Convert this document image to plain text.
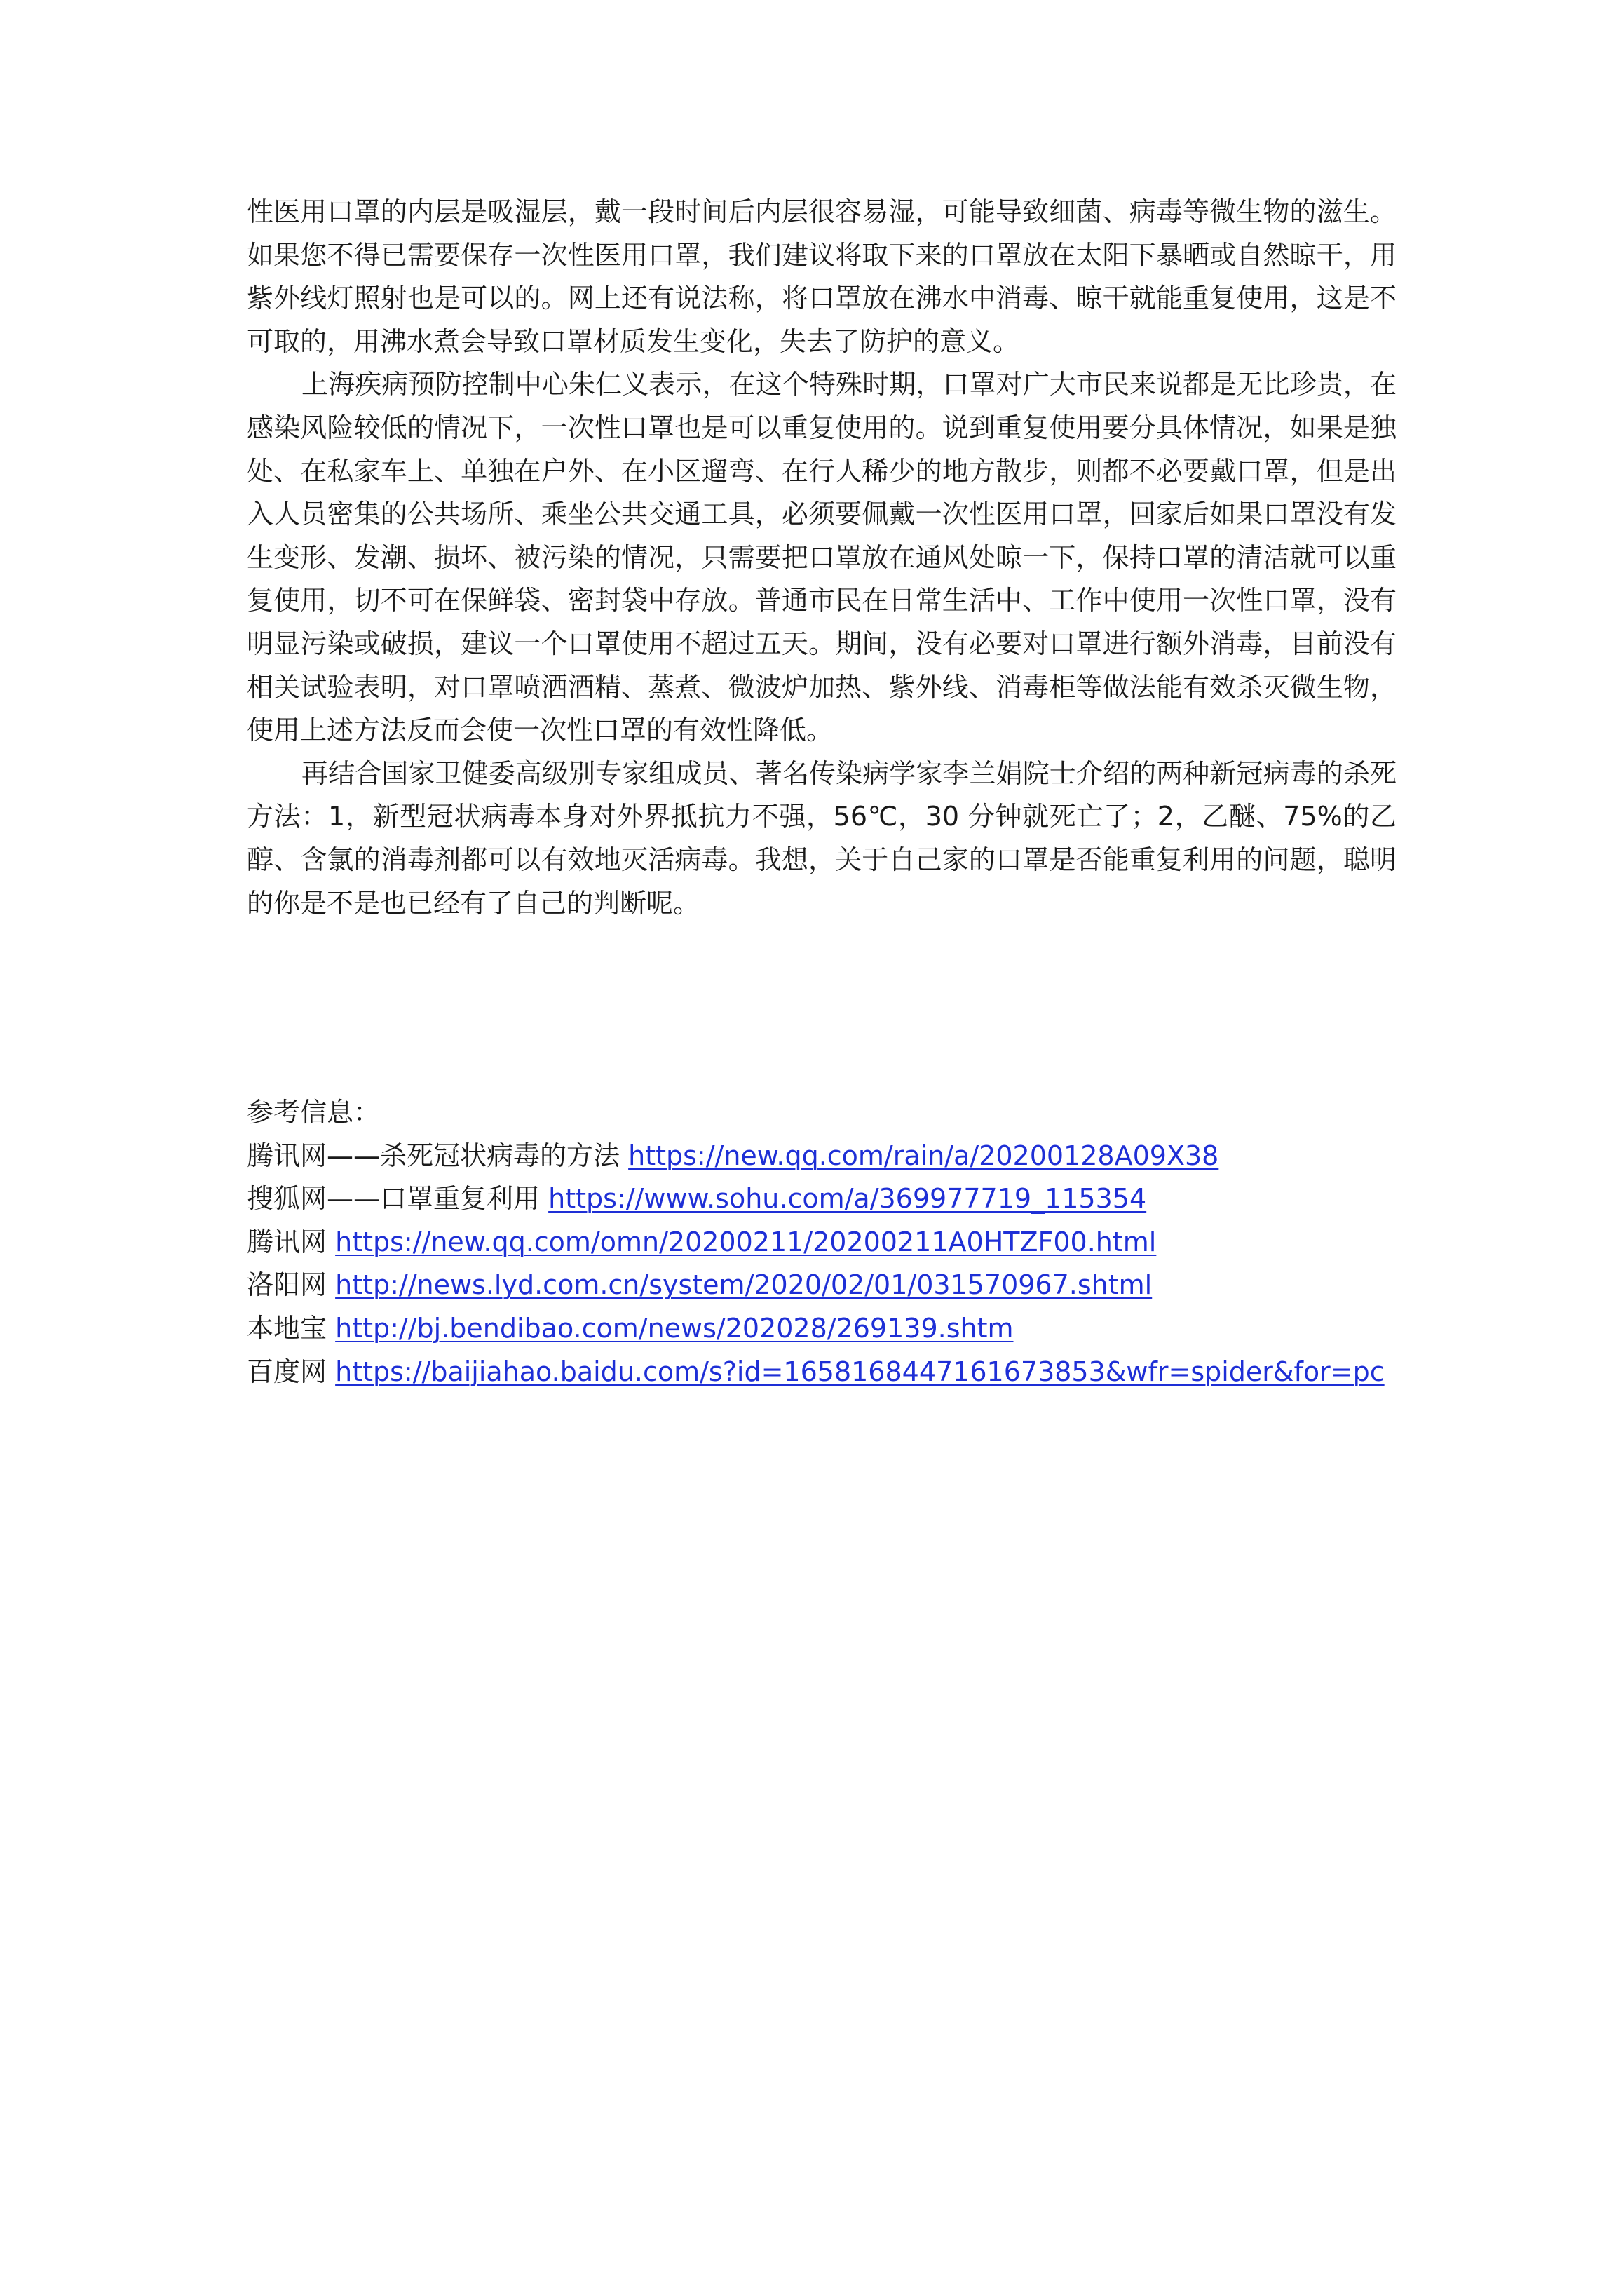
性医用口罩的内层是吸湿层，戴一段时间后内层很容易湿，可能导致细菌、病毒等微生物的滋生。如果您不得已需要保存一次性医用口罩，我们建议将取下来的口罩放在太阳下暴晒或自然晾干，用紫外线灯照射也是可以的。网上还有说法称，将口罩放在沸水中消毒、晾干就能重复使用，这是不可取的，用沸水煮会导致口罩材质发生变化，失去了防护的意义。

上海疾病预防控制中心朱仁义表示，在这个特殊时期，口罩对广大市民来说都是无比珍贵，在感染风险较低的情况下，一次性口罩也是可以重复使用的。说到重复使用要分具体情况，如果是独处、在私家车上、单独在户外、在小区遛弯、在行人稀少的地方散步，则都不必要戴口罩，但是出入人员密集的公共场所、乘坐公共交通工具，必须要佩戴一次性医用口罩，回家后如果口罩没有发生变形、发潮、损坏、被污染的情况，只需要把口罩放在通风处晾一下，保持口罩的清洁就可以重复使用，切不可在保鲜袋、密封袋中存放。普通市民在日常生活中、工作中使用一次性口罩，没有明显污染或破损，建议一个口罩使用不超过五天。期间，没有必要对口罩进行额外消毒，目前没有相关试验表明，对口罩喷洒酒精、蒸煮、微波炉加热、紫外线、消毒柜等做法能有效杀灭微生物，使用上述方法反而会使一次性口罩的有效性降低。

再结合国家卫健委高级别专家组成员、著名传染病学家李兰娟院士介绍的两种新冠病毒的杀死方法：1，新型冠状病毒本身对外界抵抗力不强，56℃，30 分钟就死亡了；2，乙醚、75%的乙醇、含氯的消毒剂都可以有效地灭活病毒。我想，关于自己家的口罩是否能重复利用的问题，聪明的你是不是也已经有了自己的判断呢。

参考信息：
腾讯网——杀死冠状病毒的方法 https://new.qq.com/rain/a/20200128A09X38
搜狐网——口罩重复利用 https://www.sohu.com/a/369977719_115354
腾讯网 https://new.qq.com/omn/20200211/20200211A0HTZF00.html
洛阳网 http://news.lyd.com.cn/system/2020/02/01/031570967.shtml
本地宝 http://bj.bendibao.com/news/202028/269139.shtm
百度网 https://baijiahao.baidu.com/s?id=1658168447161673853&wfr=spider&for=pc
